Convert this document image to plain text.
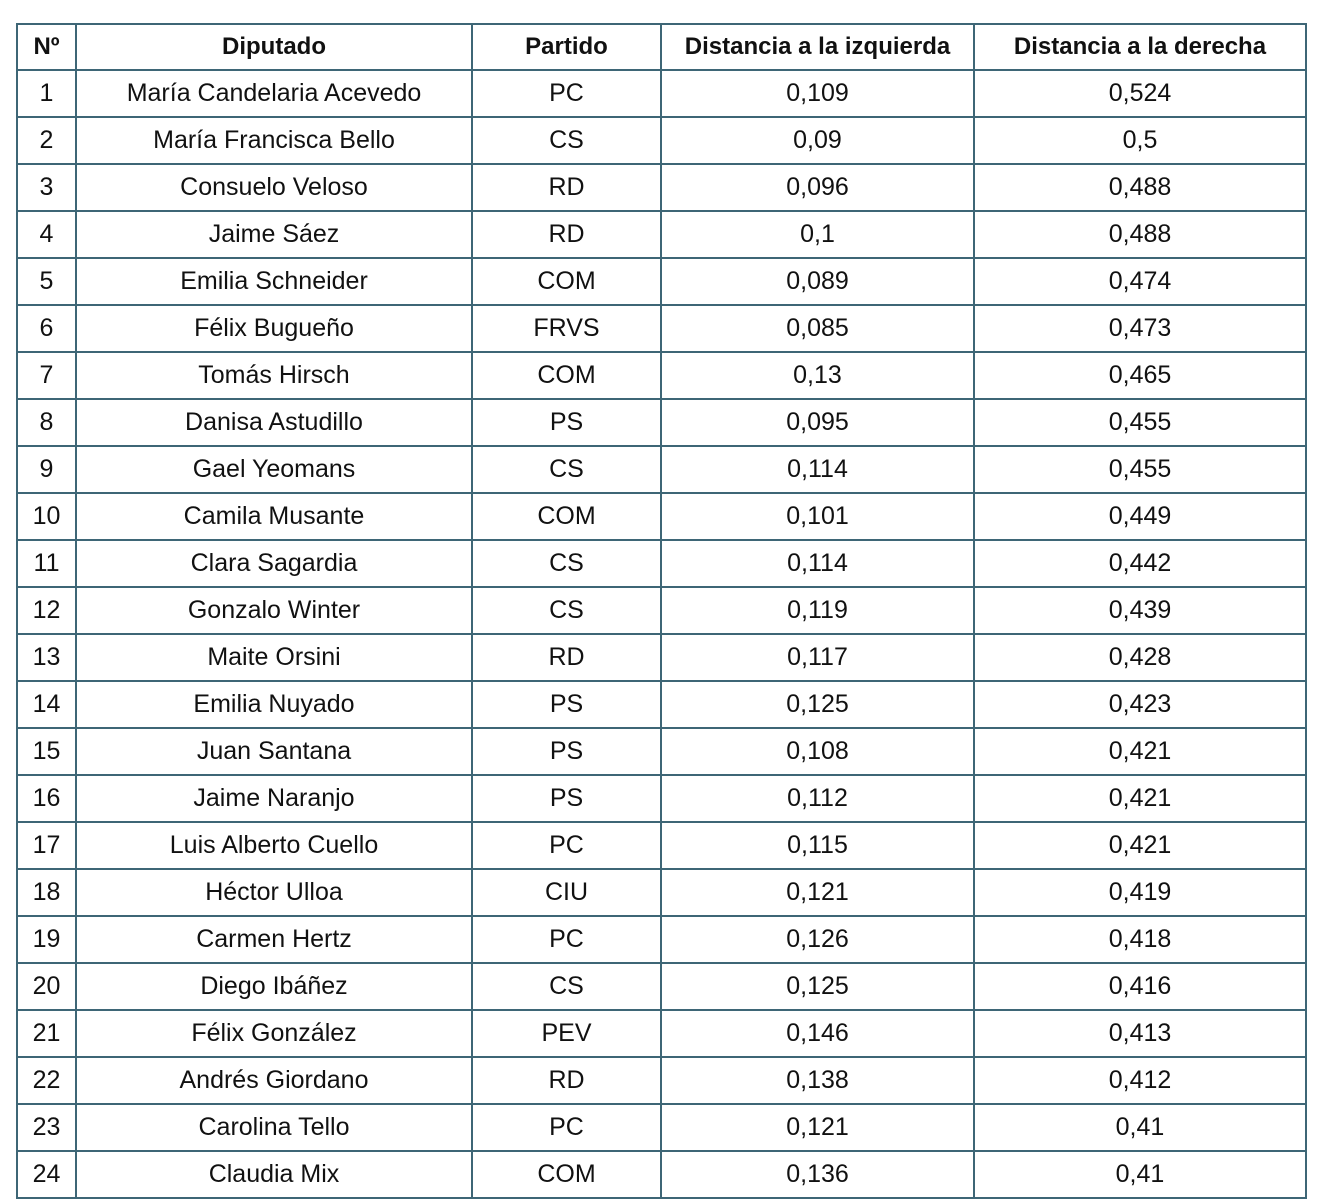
Nº	Diputado	Partido	Distancia a la izquierda	Distancia a la derecha
1	María Candelaria Acevedo	PC	0,109	0,524
2	María Francisca Bello	CS	0,09	0,5
3	Consuelo Veloso	RD	0,096	0,488
4	Jaime Sáez	RD	0,1	0,488
5	Emilia Schneider	COM	0,089	0,474
6	Félix Bugueño	FRVS	0,085	0,473
7	Tomás Hirsch	COM	0,13	0,465
8	Danisa Astudillo	PS	0,095	0,455
9	Gael Yeomans	CS	0,114	0,455
10	Camila Musante	COM	0,101	0,449
11	Clara Sagardia	CS	0,114	0,442
12	Gonzalo Winter	CS	0,119	0,439
13	Maite Orsini	RD	0,117	0,428
14	Emilia Nuyado	PS	0,125	0,423
15	Juan Santana	PS	0,108	0,421
16	Jaime Naranjo	PS	0,112	0,421
17	Luis Alberto Cuello	PC	0,115	0,421
18	Héctor Ulloa	CIU	0,121	0,419
19	Carmen Hertz	PC	0,126	0,418
20	Diego Ibáñez	CS	0,125	0,416
21	Félix González	PEV	0,146	0,413
22	Andrés Giordano	RD	0,138	0,412
23	Carolina Tello	PC	0,121	0,41
24	Claudia Mix	COM	0,136	0,41
